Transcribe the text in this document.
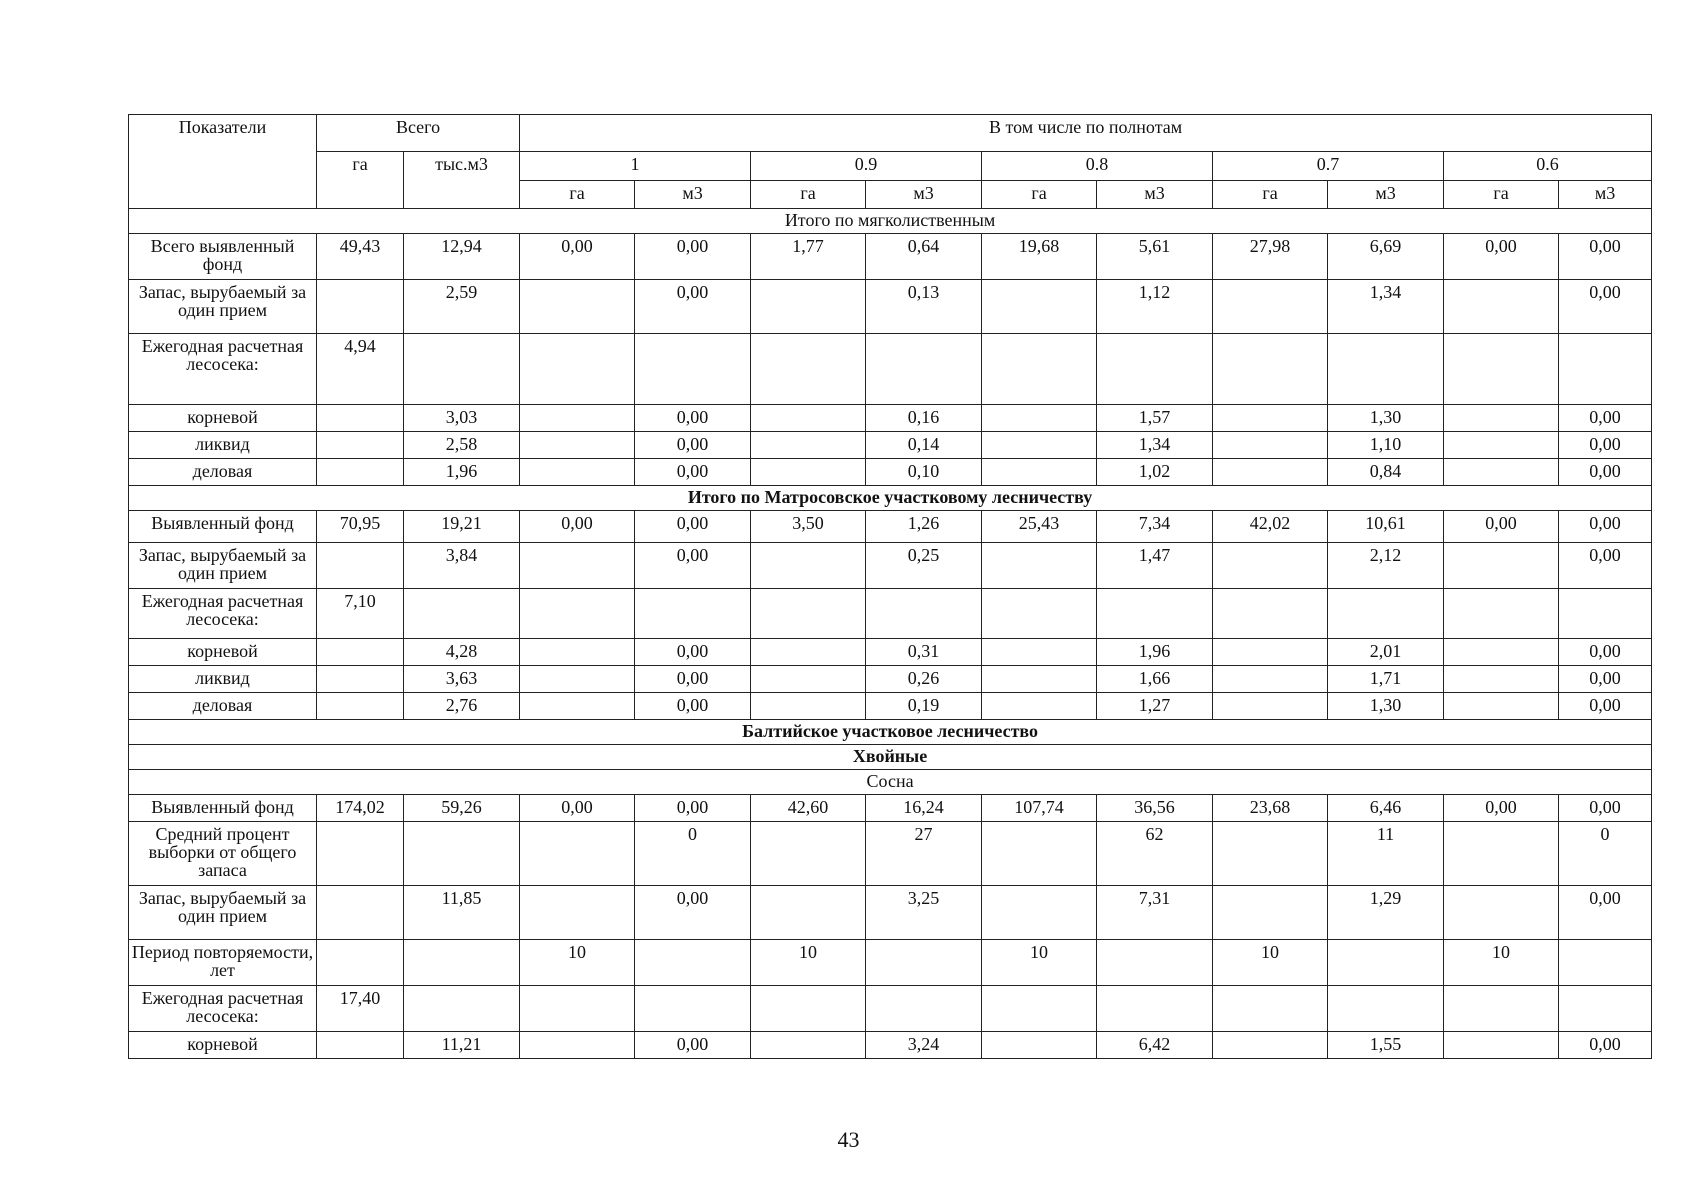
Показатели	Всего		В том числе по полнотам									
	га	тыс.м3	1		0.9		0.8		0.7		0.6	
			га	м3	га	м3	га	м3	га	м3	га	м3
Итого по мягколиственным												
Всего выявленный фонд	49,43	12,94	0,00	0,00	1,77	0,64	19,68	5,61	27,98	6,69	0,00	0,00
Запас, вырубаемый за один прием		2,59		0,00		0,13		1,12		1,34		0,00
Ежегодная расчетная лесосека:	4,94											
корневой		3,03		0,00		0,16		1,57		1,30		0,00
ликвид		2,58		0,00		0,14		1,34		1,10		0,00
деловая		1,96		0,00		0,10		1,02		0,84		0,00
Итого по Матросовское участковому лесничеству												
Выявленный фонд	70,95	19,21	0,00	0,00	3,50	1,26	25,43	7,34	42,02	10,61	0,00	0,00
Запас, вырубаемый за один прием		3,84		0,00		0,25		1,47		2,12		0,00
Ежегодная расчетная лесосека:	7,10											
корневой		4,28		0,00		0,31		1,96		2,01		0,00
ликвид		3,63		0,00		0,26		1,66		1,71		0,00
деловая		2,76		0,00		0,19		1,27		1,30		0,00
Балтийское участковое лесничество												
Хвойные												
Сосна												
Выявленный фонд	174,02	59,26	0,00	0,00	42,60	16,24	107,74	36,56	23,68	6,46	0,00	0,00
Средний процент выборки от общего запаса				0		27		62		11		0
Запас, вырубаемый за один прием		11,85		0,00		3,25		7,31		1,29		0,00
Период повторяемости, лет			10		10		10		10		10	
Ежегодная расчетная лесосека:	17,40											
корневой		11,21		0,00		3,24		6,42		1,55		0,00
43
